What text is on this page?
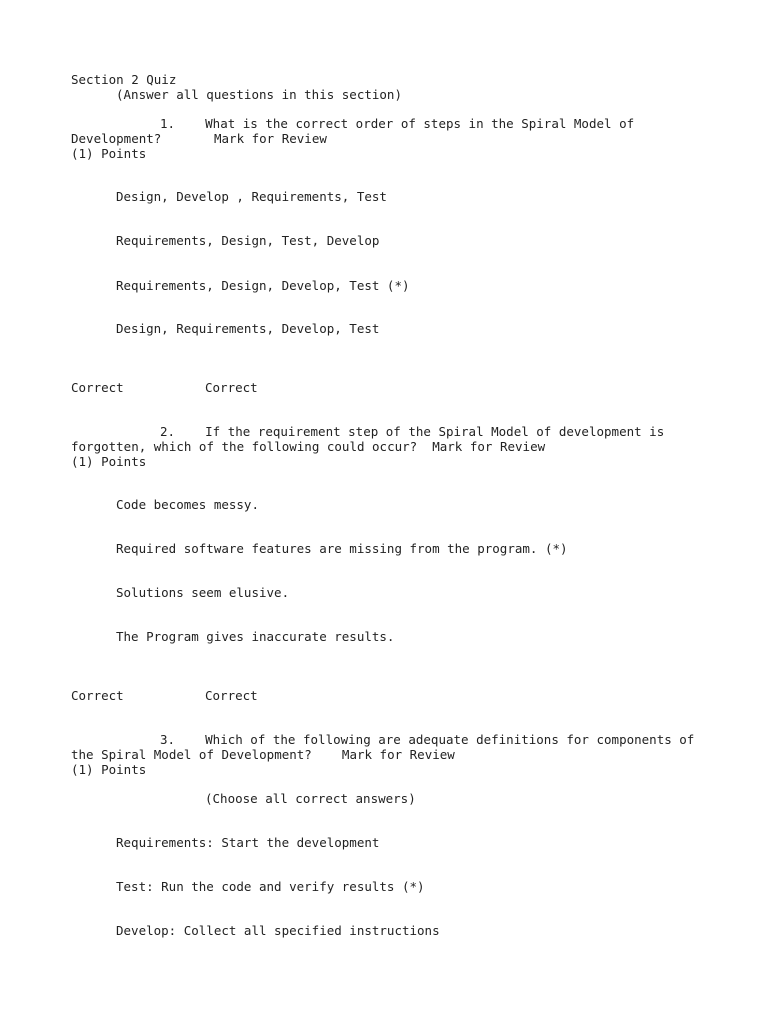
Section 2 Quiz
(Answer all questions in this section)
1.    What is the correct order of steps in the Spiral Model of
Development?       Mark for Review
(1) Points
Design, Develop , Requirements, Test
Requirements, Design, Test, Develop
Requirements, Design, Develop, Test (*)
Design, Requirements, Develop, Test
Correct	Correct
2.    If the requirement step of the Spiral Model of development is
forgotten, which of the following could occur?  Mark for Review
(1) Points
Code becomes messy.
Required software features are missing from the program. (*)
Solutions seem elusive.
The Program gives inaccurate results.
Correct	Correct
3.    Which of the following are adequate definitions for components of
the Spiral Model of Development?    Mark for Review
(1) Points
(Choose all correct answers)
Requirements: Start the development
Test: Run the code and verify results (*)
Develop: Collect all specified instructions
